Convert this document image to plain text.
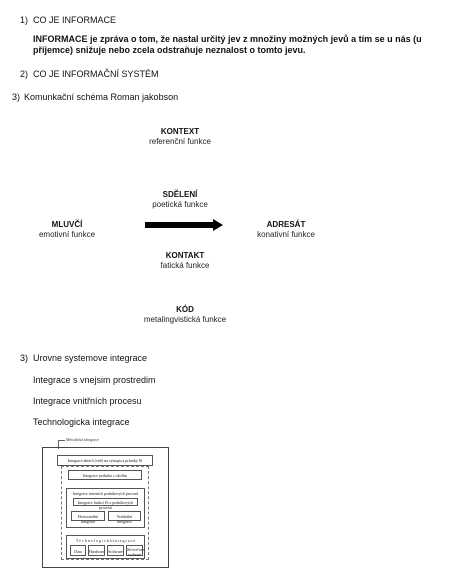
1) CO JE INFORMACE
INFORMACE je zpráva o tom, že nastal určitý jev z množiny možných jevů a tím se u nás (u příjemce) snižuje nebo zcela odstraňuje neznalost o tomto jevu.
2) CO JE INFORMAČNÍ SYSTÉM
3) Komunkační schéma Roman jakobson
KONTEXT
referenční funkce
SDĚLENÍ
poetická funkce
MLUVČÍ
emotivní funkce
ADRESÁT
konativní funkce
KONTAKT
fatická funkce
KÓD
metalingvistická funkce
3) Urovne systemove integrace
Integrace s vnejsim prostredim
Integrace vnitřních procesu
Technologicka integrace
Metodická integrace
Integrace aktérů (vně) na výstupu a průniky IS
Integrace podniku s okolím
Integrace interních podnikových procesů
Integrace funkcí IS a podnikových procesů
Horizontální integrace
Vertikální integrace
T e c h n o l o g i c k á i n t e g r a c e
Data	Hardware Software Síťové/ová rozhraní
